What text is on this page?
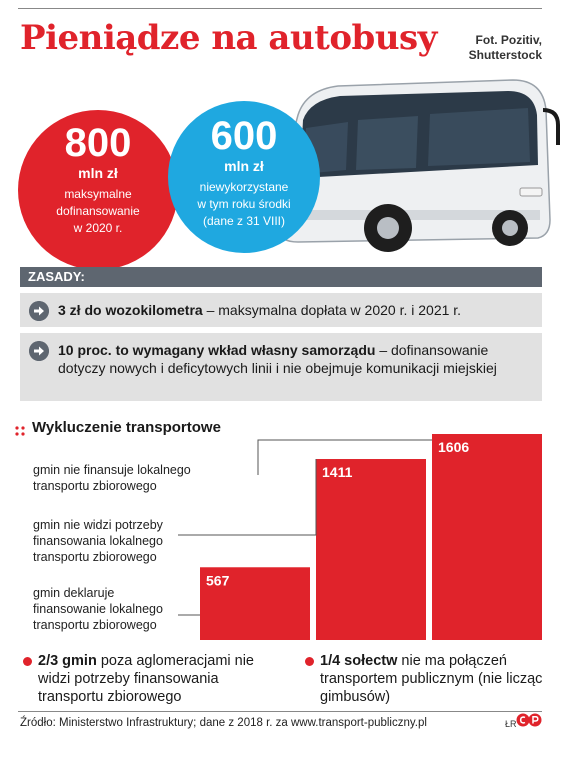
Pieniądze na autobusy	Fot. Pozitiv,
Shutterstock
800
mln zł
maksymalne
dofinansowanie
w 2020 r.
600
mln zł
niewykorzystane
w tym roku środki
(dane z 31 VIII)
ZASADY:
3 zł do wozokilometra – maksymalna dopłata w 2020 r. i 2021 r.
10 proc. to wymagany wkład własny samorządu – dofinansowanie dotyczy nowych i deficytowych linii i nie obejmuje komunikacji miejskiej
Wykluczenie transportowe
gmin nie finansuje lokalnego
transportu zbiorowego
gmin nie widzi potrzeby
finansowania lokalnego
transportu zbiorowego
gmin deklaruje
finansowanie lokalnego
transportu zbiorowego
567
1411
1606
2/3 gmin poza aglomeracjami nie widzi potrzeby finansowania transportu zbiorowego
1/4 sołectw nie ma połączeń transportem publicznym (nie licząc gimbusów)
Źródło: Ministerstwo Infrastruktury; dane z 2018 r. za www.transport-publiczny.pl	ŁR
